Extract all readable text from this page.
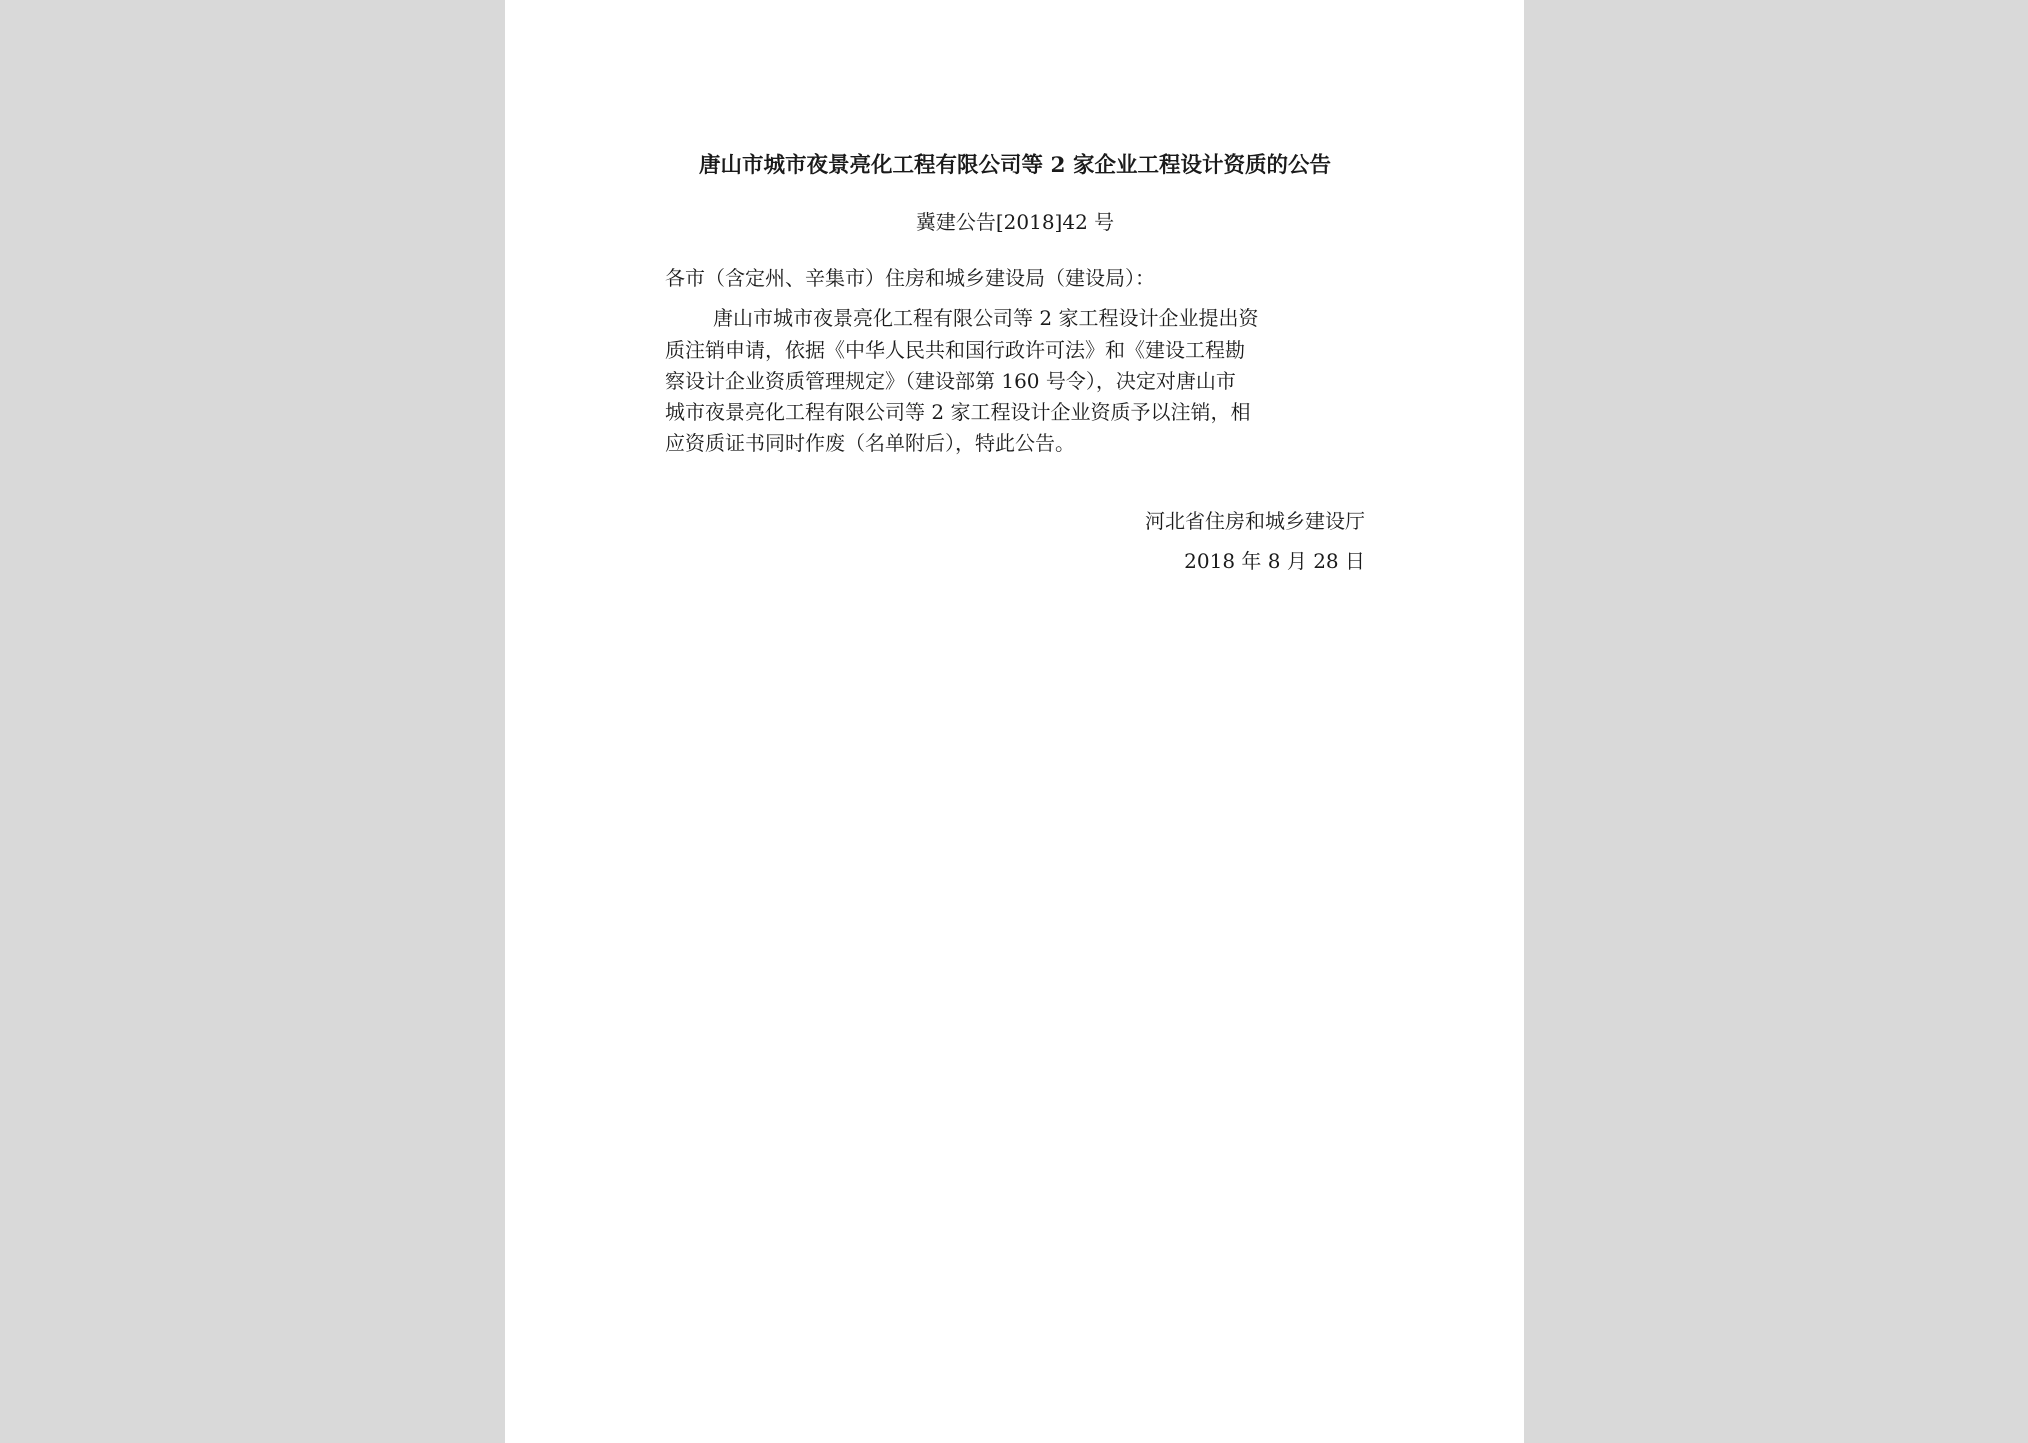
唐山市城市夜景亮化工程有限公司等 2 家企业工程设计资质的公告
冀建公告[2018]42 号
各市（含定州、辛集市）住房和城乡建设局（建设局）：
唐山市城市夜景亮化工程有限公司等 2 家工程设计企业提出资
质注销申请，依据《中华人民共和国行政许可法》和《建设工程勘
察设计企业资质管理规定》（建设部第 160 号令），决定对唐山市
城市夜景亮化工程有限公司等 2 家工程设计企业资质予以注销，相
应资质证书同时作废（名单附后），特此公告。
河北省住房和城乡建设厅
2018 年 8 月 28 日
